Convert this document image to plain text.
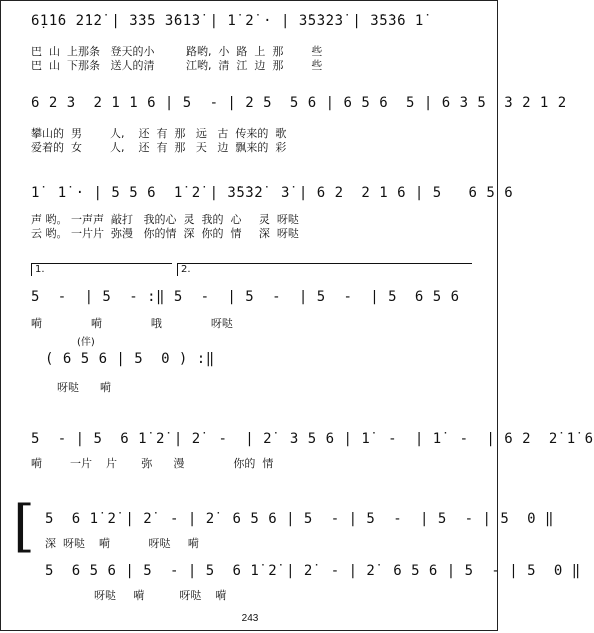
6̣1̇1̇6 2̇1̇2̇ | 3̇3̇5 3̇6̇1̇3̇ | 1̇ 2̇ · | 3̇5̇3̇2̇3̇ | 3̇5̇3̇6 1̇
巴  山  上那条   登天的小         路哟,  小  路  上  那        些
巴  山  下那条   送人的清         江哟,  清  江  边  那        些
6 2 3  2 1 1 6 | 5  - | 2 5  5 6 | 6 5 6  5 | 6 3 5  3 2 1 2
攀山的  男        人,    还  有  那   远   古  传来的  歌
爱着的  女        人,    还  有  那   天   边  飘来的  彩
1̇  1̇ · | 5 5 6  1̇ 2̇ | 3̇5̇3̇2̇  3̇ | 6 2  2 1 6 | 5   6 5 6
声 哟。 一声声  敲打   我的心  灵  我的  心     灵  呀哒
云 哟。 一片片  弥漫   你的情  深  你的  情     深  呀哒
1.	2.
5  -  | 5  - :‖ 5  -  | 5  -  | 5  -  | 5  6 5 6
嗬              嗬              哦              呀哒
(伴)
( 6 5 6 | 5  0 ) :‖
呀哒      嗬
5  - | 5  6 1̇ 2̇ | 2̇  -  | 2̇  3 5 6 | 1̇  -  | 1̇  -  | 6 2  2̇ 1̇ 6
嗬        一片    片       弥      漫              你的  情
[ 5  6 1̇ 2̇ | 2̇  - | 2̇  6 5 6 | 5  - | 5  -  | 5  - | 5  0 ‖
深  呀哒    嗬           呀哒     嗬
5  6 5 6 | 5  - | 5  6 1̇ 2̇ | 2̇  - | 2̇  6 5 6 | 5  - | 5  0 ‖
呀哒     嗬          呀哒    嗬
243
